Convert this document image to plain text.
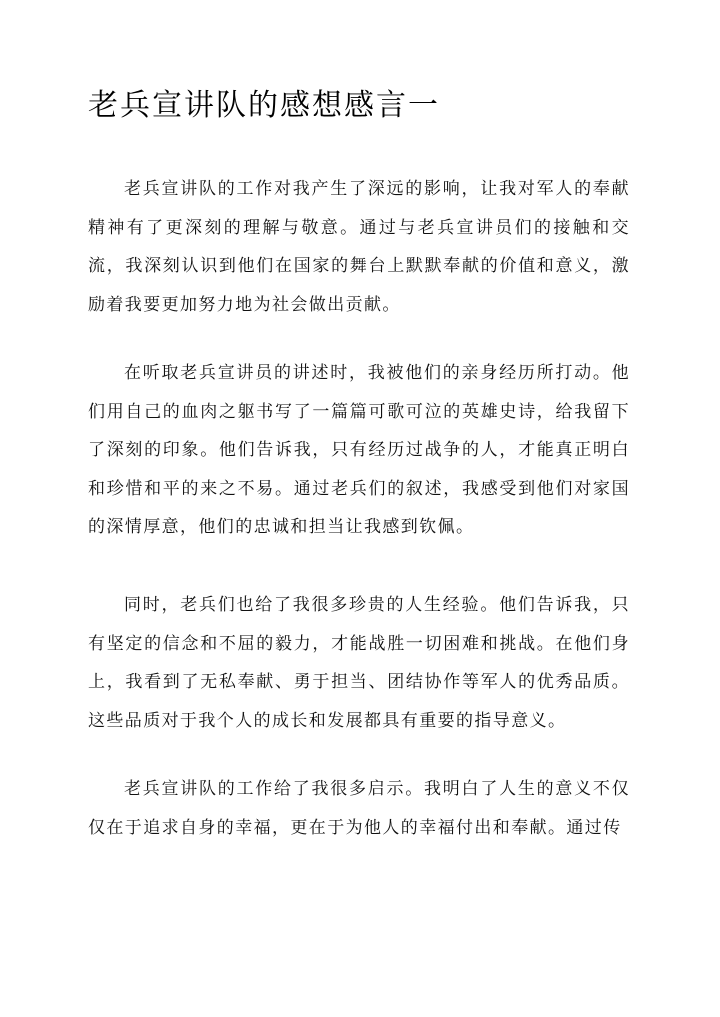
老兵宣讲队的感想感言一

老兵宣讲队的工作对我产生了深远的影响，让我对军人的奉献精神有了更深刻的理解与敬意。通过与老兵宣讲员们的接触和交流，我深刻认识到他们在国家的舞台上默默奉献的价值和意义，激励着我要更加努力地为社会做出贡献。

在听取老兵宣讲员的讲述时，我被他们的亲身经历所打动。他们用自己的血肉之躯书写了一篇篇可歌可泣的英雄史诗，给我留下了深刻的印象。他们告诉我，只有经历过战争的人，才能真正明白和珍惜和平的来之不易。通过老兵们的叙述，我感受到他们对家国的深情厚意，他们的忠诚和担当让我感到钦佩。

同时，老兵们也给了我很多珍贵的人生经验。他们告诉我，只有坚定的信念和不屈的毅力，才能战胜一切困难和挑战。在他们身上，我看到了无私奉献、勇于担当、团结协作等军人的优秀品质。这些品质对于我个人的成长和发展都具有重要的指导意义。

老兵宣讲队的工作给了我很多启示。我明白了人生的意义不仅仅在于追求自身的幸福，更在于为他人的幸福付出和奉献。通过传
